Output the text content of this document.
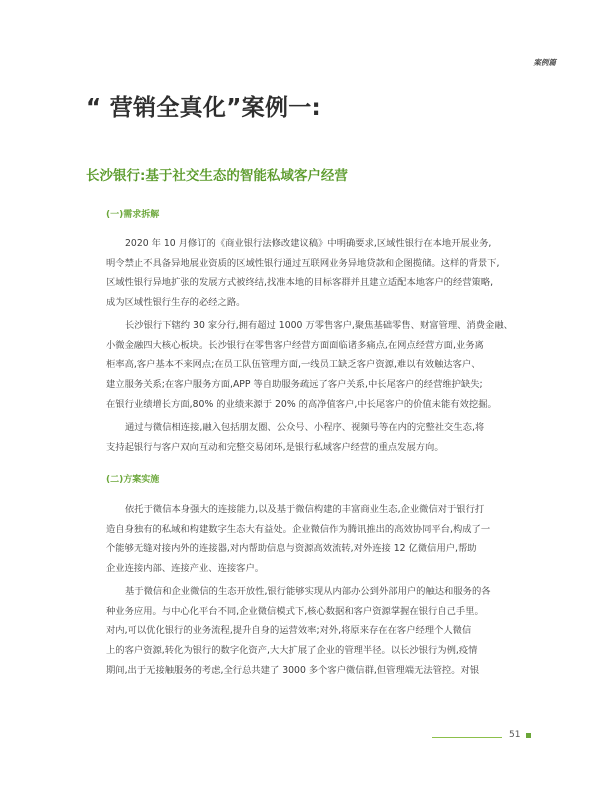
案例篇
“ 营销全真化”案例一:
长沙银行:基于社交生态的智能私域客户经营
(一)需求拆解
2020 年 10 月修订的《商业银行法修改建议稿》中明确要求,区域性银行在本地开展业务,
明令禁止不具备异地展业资质的区域性银行通过互联网业务异地贷款和企图揽储。这样的背景下,
区域性银行异地扩张的发展方式被终结,找准本地的目标客群并且建立适配本地客户的经营策略,
成为区域性银行生存的必经之路。
长沙银行下辖约 30 家分行,拥有超过 1000 万零售客户,聚焦基础零售、财富管理、消费金融、
小微金融四大核心板块。长沙银行在零售客户经营方面面临诸多痛点,在网点经营方面,业务离
柜率高,客户基本不来网点;在员工队伍管理方面,一线员工缺乏客户资源,难以有效触达客户、
建立服务关系;在客户服务方面,APP 等自助服务疏远了客户关系,中长尾客户的经营维护缺失;
在银行业绩增长方面,80% 的业绩来源于 20% 的高净值客户,中长尾客户的价值未能有效挖掘。
通过与微信相连接,融入包括朋友圈、公众号、小程序、视频号等在内的完整社交生态,将
支持起银行与客户双向互动和完整交易闭环,是银行私域客户经营的重点发展方向。
(二)方案实施
依托于微信本身强大的连接能力,以及基于微信构建的丰富商业生态,企业微信对于银行打
造自身独有的私域和构建数字生态大有益处。企业微信作为腾讯推出的高效协同平台,构成了一
个能够无缝对接内外的连接器,对内帮助信息与资源高效流转,对外连接 12 亿微信用户,帮助
企业连接内部、连接产业、连接客户。
基于微信和企业微信的生态开放性,银行能够实现从内部办公到外部用户的触达和服务的各
种业务应用。与中心化平台不同,企业微信模式下,核心数据和客户资源掌握在银行自己手里。
对内,可以优化银行的业务流程,提升自身的运营效率;对外,将原来存在在客户经理个人微信
上的客户资源,转化为银行的数字化资产,大大扩展了企业的管理半径。以长沙银行为例,疫情
期间,出于无接触服务的考虑,全行总共建了 3000 多个客户微信群,但管理端无法管控。对银
51
